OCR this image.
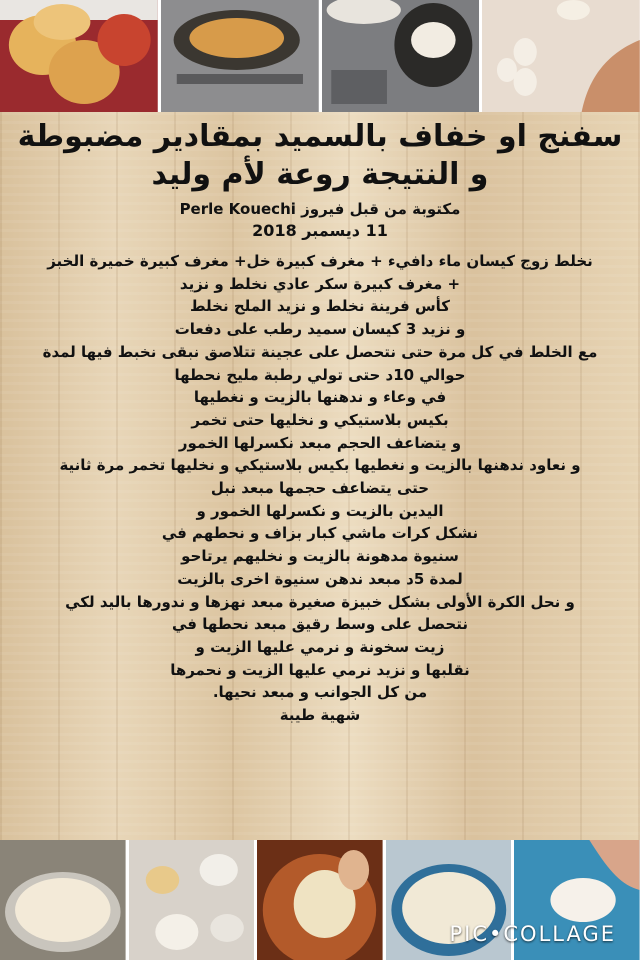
سفنج او خفاف بالسميد بمقادير مضبوطة
و النتيجة روعة لأم وليد
مكتوبة من قبل فيروز Perle Kouechi
11 ديسمبر 2018
نخلط زوج كيسان ماء دافيء + مغرف كبيرة خل+ مغرف كبيرة خميرة الخبز
+ مغرف كبيرة سكر عادي نخلط و نزيد
كأس فرينة نخلط و نزيد الملح نخلط
و نزيد 3 كيسان سميد رطب على دفعات
مع الخلط في كل مرة حتى نتحصل على عجينة تتلاصق نبقى نخبط فيها لمدة
حوالي 10د حتى تولي رطبة مليح نحطها
في وعاء و ندهنها بالزيت و نغطيها
بكيس بلاستيكي و نخليها حتى تخمر
و يتضاعف الحجم مبعد نكسرلها الخمور
و نعاود ندهنها بالزيت و نغطيها بكيس بلاستيكي و نخليها تخمر مرة ثانية
حتى يتضاعف حجمها مبعد نبل
اليدين بالزيت و نكسرلها الخمور و
نشكل كرات ماشي كبار بزاف و نحطهم في
سنيوة مدهونة بالزيت و نخليهم يرتاحو
لمدة 5د مبعد ندهن سنيوة اخرى بالزيت
و نحل الكرة الأولى بشكل خبيزة صغيرة مبعد نهزها و ندورها باليد لكي
نتحصل على وسط رقيق مبعد نحطها في
زيت سخونة و نرمي عليها الزيت و
نقلبها و نزيد نرمي عليها الزيت و نحمرها
من كل الجوانب و مبعد نحيها.
شهية طيبة
PIC•COLLAGE
